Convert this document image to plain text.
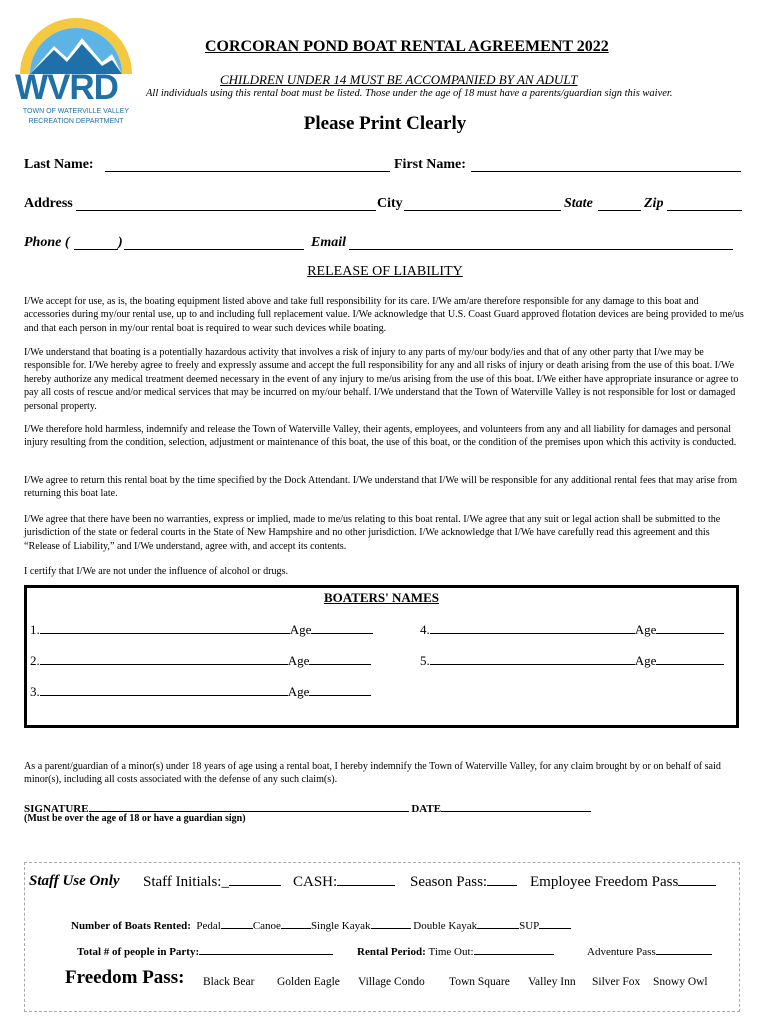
WVRD
TOWN OF WATERVILLE VALLEY
RECREATION DEPARTMENT
CORCORAN POND BOAT RENTAL AGREEMENT 2022
CHILDREN UNDER 14 MUST BE ACCOMPANIED BY AN ADULT
All individuals using this rental boat must be listed. Those under the age of 18 must have a parents/guardian sign this waiver.
Please Print Clearly
Last Name:	First Name:
Address	City	State	Zip
Phone (	)	Email
RELEASE OF LIABILITY
I/We accept for use, as is, the boating equipment listed above and take full responsibility for its care. I/We am/are therefore responsible for any damage to this boat and accessories during my/our rental use, up to and including full replacement value. I/We acknowledge that U.S. Coast Guard approved flotation devices are being provided to me/us and that each person in my/our rental boat is required to wear such devices while boating.
I/We understand that boating is a potentially hazardous activity that involves a risk of injury to any parts of my/our body/ies and that of any other party that I/we may be responsible for. I/We hereby agree to freely and expressly assume and accept the full responsibility for any and all risks of injury or death arising from the use of this boat. I/We hereby authorize any medical treatment deemed necessary in the event of any injury to me/us arising from the use of this boat. I/We either have appropriate insurance or agree to pay all costs of rescue and/or medical services that may be incurred on my/our behalf. I/We understand that the Town of Waterville Valley is not responsible for lost or damaged personal property.
I/We therefore hold harmless, indemnify and release the Town of Waterville Valley, their agents, employees, and volunteers from any and all liability for damages and personal injury resulting from the condition, selection, adjustment or maintenance of this boat, the use of this boat, or the condition of the premises upon which this activity is conducted.
I/We agree to return this rental boat by the time specified by the Dock Attendant. I/We understand that I/We will be responsible for any additional rental fees that may arise from returning this boat late.
I/We agree that there have been no warranties, express or implied, made to me/us relating to this boat rental. I/We agree that any suit or legal action shall be submitted to the jurisdiction of the state or federal courts in the State of New Hampshire and no other jurisdiction. I/We acknowledge that I/We have carefully read this agreement and this “Release of Liability,” and I/We understand, agree with, and accept its contents.
I certify that I/We are not under the influence of alcohol or drugs.
BOATERS' NAMES
1.	Age
2.	Age
3.	Age
4.	Age
5.	Age
As a parent/guardian of a minor(s) under 18 years of age using a rental boat, I hereby indemnify the Town of Waterville Valley, for any claim brought by or on behalf of said minor(s), including all costs associated with the defense of any such claim(s).
SIGNATURE	DATE
(Must be over the age of 18 or have a guardian sign)
Staff Use Only Staff Initials:_	CASH:	Season Pass:	Employee Freedom Pass
Number of Boats Rented: Pedal	Canoe	Single Kayak	Double Kayak	SUP
Total # of people in Party:	Rental Period: Time Out:	Adventure Pass
Freedom Pass: Black Bear Golden Eagle Village Condo Town Square Valley Inn Silver Fox Snowy Owl
